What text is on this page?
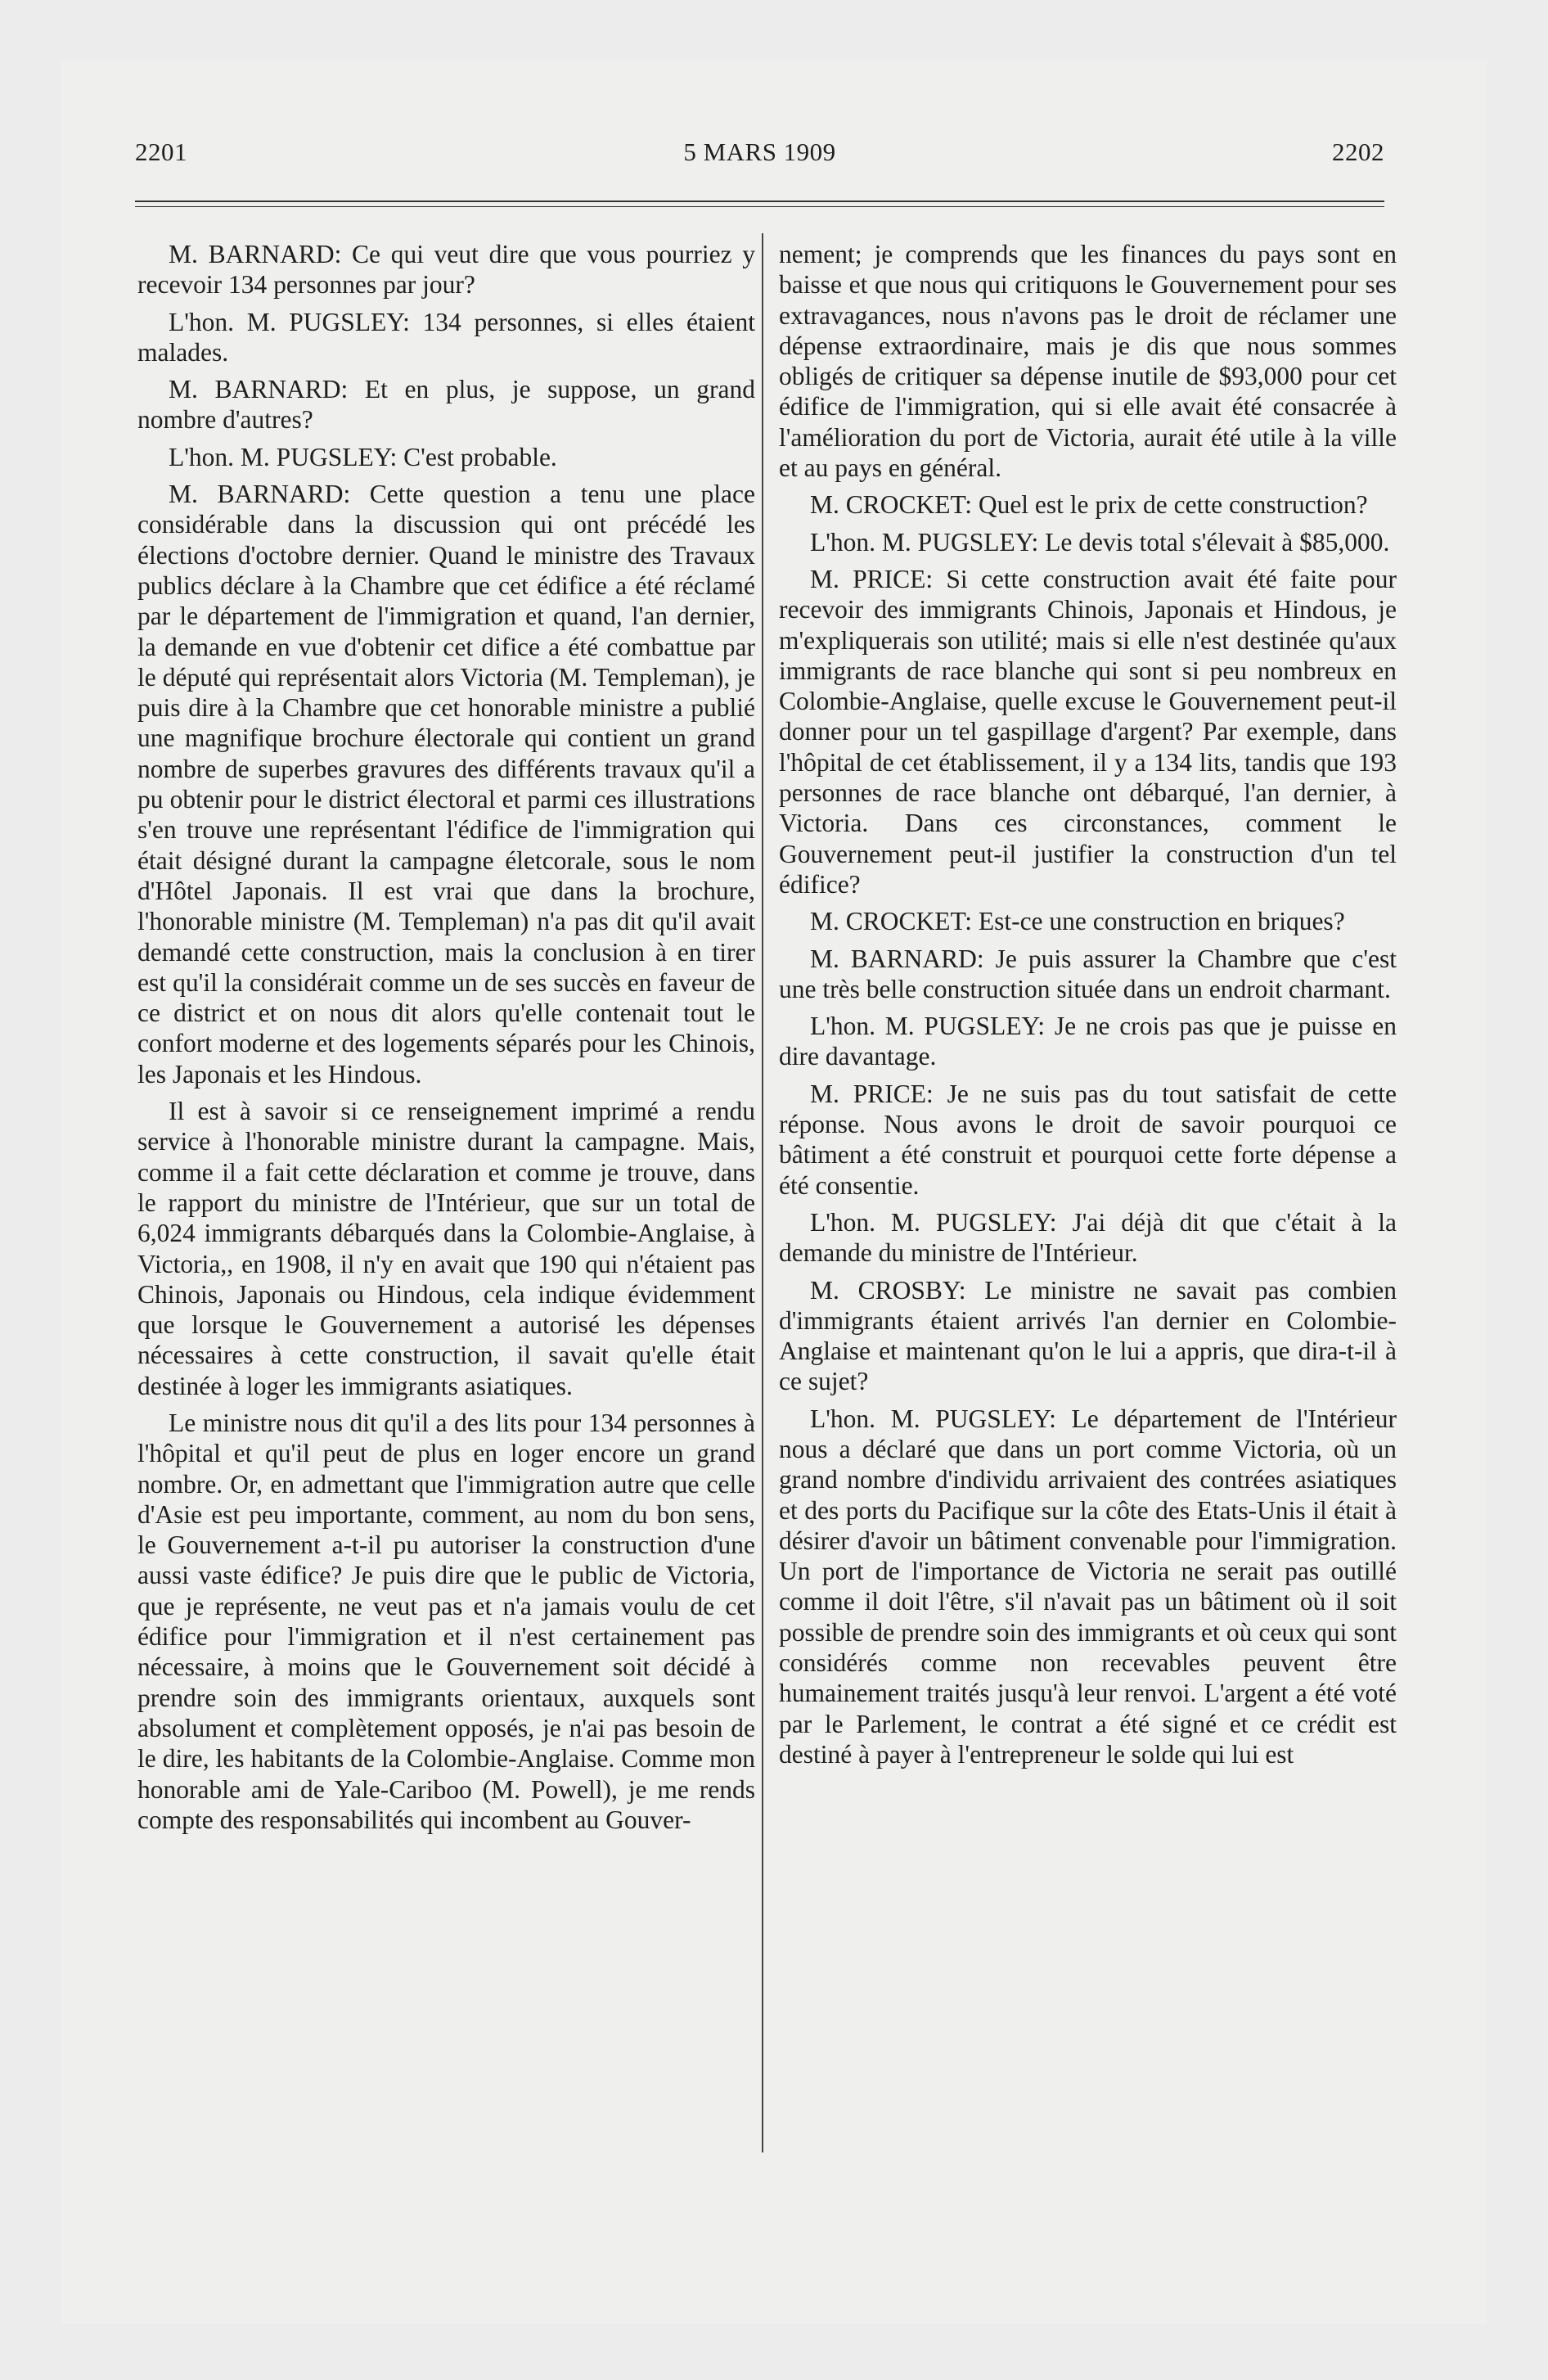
2201	5 MARS 1909	2202

M. BARNARD: Ce qui veut dire que vous pourriez y recevoir 134 personnes par jour?

L'hon. M. PUGSLEY: 134 personnes, si elles étaient malades.

M. BARNARD: Et en plus, je suppose, un grand nombre d'autres?

L'hon. M. PUGSLEY: C'est probable.

M. BARNARD: Cette question a tenu une place considérable dans la discussion qui ont précédé les élections d'octobre dernier. Quand le ministre des Travaux publics déclare à la Chambre que cet édifice a été réclamé par le département de l'immigration et quand, l'an dernier, la demande en vue d'obtenir cet difice a été combattue par le député qui représentait alors Victoria (M. Templeman), je puis dire à la Chambre que cet honorable ministre a publié une magnifique brochure électorale qui contient un grand nombre de superbes gravures des différents travaux qu'il a pu obtenir pour le district électoral et parmi ces illustrations s'en trouve une représentant l'édifice de l'immigration qui était désigné durant la campagne életcorale, sous le nom d'Hôtel Japonais. Il est vrai que dans la brochure, l'honorable ministre (M. Templeman) n'a pas dit qu'il avait demandé cette construction, mais la conclusion à en tirer est qu'il la considérait comme un de ses succès en faveur de ce district et on nous dit alors qu'elle contenait tout le confort moderne et des logements séparés pour les Chinois, les Japonais et les Hindous.

Il est à savoir si ce renseignement imprimé a rendu service à l'honorable ministre durant la campagne. Mais, comme il a fait cette déclaration et comme je trouve, dans le rapport du ministre de l'Intérieur, que sur un total de 6,024 immigrants débarqués dans la Colombie-Anglaise, à Victoria,, en 1908, il n'y en avait que 190 qui n'étaient pas Chinois, Japonais ou Hindous, cela indique évidemment que lorsque le Gouvernement a autorisé les dépenses nécessaires à cette construction, il savait qu'elle était destinée à loger les immigrants asiatiques.

Le ministre nous dit qu'il a des lits pour 134 personnes à l'hôpital et qu'il peut de plus en loger encore un grand nombre. Or, en admettant que l'immigration autre que celle d'Asie est peu importante, comment, au nom du bon sens, le Gouvernement a-t-il pu autoriser la construction d'une aussi vaste édifice? Je puis dire que le public de Victoria, que je représente, ne veut pas et n'a jamais voulu de cet édifice pour l'immigration et il n'est certainement pas nécessaire, à moins que le Gouvernement soit décidé à prendre soin des immigrants orientaux, auxquels sont absolument et complètement opposés, je n'ai pas besoin de le dire, les habitants de la Colombie-Anglaise. Comme mon honorable ami de Yale-Cariboo (M. Powell), je me rends compte des responsabilités qui incombent au Gouver-

nement; je comprends que les finances du pays sont en baisse et que nous qui critiquons le Gouvernement pour ses extravagances, nous n'avons pas le droit de réclamer une dépense extraordinaire, mais je dis que nous sommes obligés de critiquer sa dépense inutile de $93,000 pour cet édifice de l'immigration, qui si elle avait été consacrée à l'amélioration du port de Victoria, aurait été utile à la ville et au pays en général.

M. CROCKET: Quel est le prix de cette construction?

L'hon. M. PUGSLEY: Le devis total s'élevait à $85,000.

M. PRICE: Si cette construction avait été faite pour recevoir des immigrants Chinois, Japonais et Hindous, je m'expliquerais son utilité; mais si elle n'est destinée qu'aux immigrants de race blanche qui sont si peu nombreux en Colombie-Anglaise, quelle excuse le Gouvernement peut-il donner pour un tel gaspillage d'argent? Par exemple, dans l'hôpital de cet établissement, il y a 134 lits, tandis que 193 personnes de race blanche ont débarqué, l'an dernier, à Victoria. Dans ces circonstances, comment le Gouvernement peut-il justifier la construction d'un tel édifice?

M. CROCKET: Est-ce une construction en briques?

M. BARNARD: Je puis assurer la Chambre que c'est une très belle construction située dans un endroit charmant.

L'hon. M. PUGSLEY: Je ne crois pas que je puisse en dire davantage.

M. PRICE: Je ne suis pas du tout satisfait de cette réponse. Nous avons le droit de savoir pourquoi ce bâtiment a été construit et pourquoi cette forte dépense a été consentie.

L'hon. M. PUGSLEY: J'ai déjà dit que c'était à la demande du ministre de l'Intérieur.

M. CROSBY: Le ministre ne savait pas combien d'immigrants étaient arrivés l'an dernier en Colombie-Anglaise et maintenant qu'on le lui a appris, que dira-t-il à ce sujet?

L'hon. M. PUGSLEY: Le département de l'Intérieur nous a déclaré que dans un port comme Victoria, où un grand nombre d'individu arrivaient des contrées asiatiques et des ports du Pacifique sur la côte des Etats-Unis il était à désirer d'avoir un bâtiment convenable pour l'immigration. Un port de l'importance de Victoria ne serait pas outillé comme il doit l'être, s'il n'avait pas un bâtiment où il soit possible de prendre soin des immigrants et où ceux qui sont considérés comme non recevables peuvent être humainement traités jusqu'à leur renvoi. L'argent a été voté par le Parlement, le contrat a été signé et ce crédit est destiné à payer à l'entrepreneur le solde qui lui est
